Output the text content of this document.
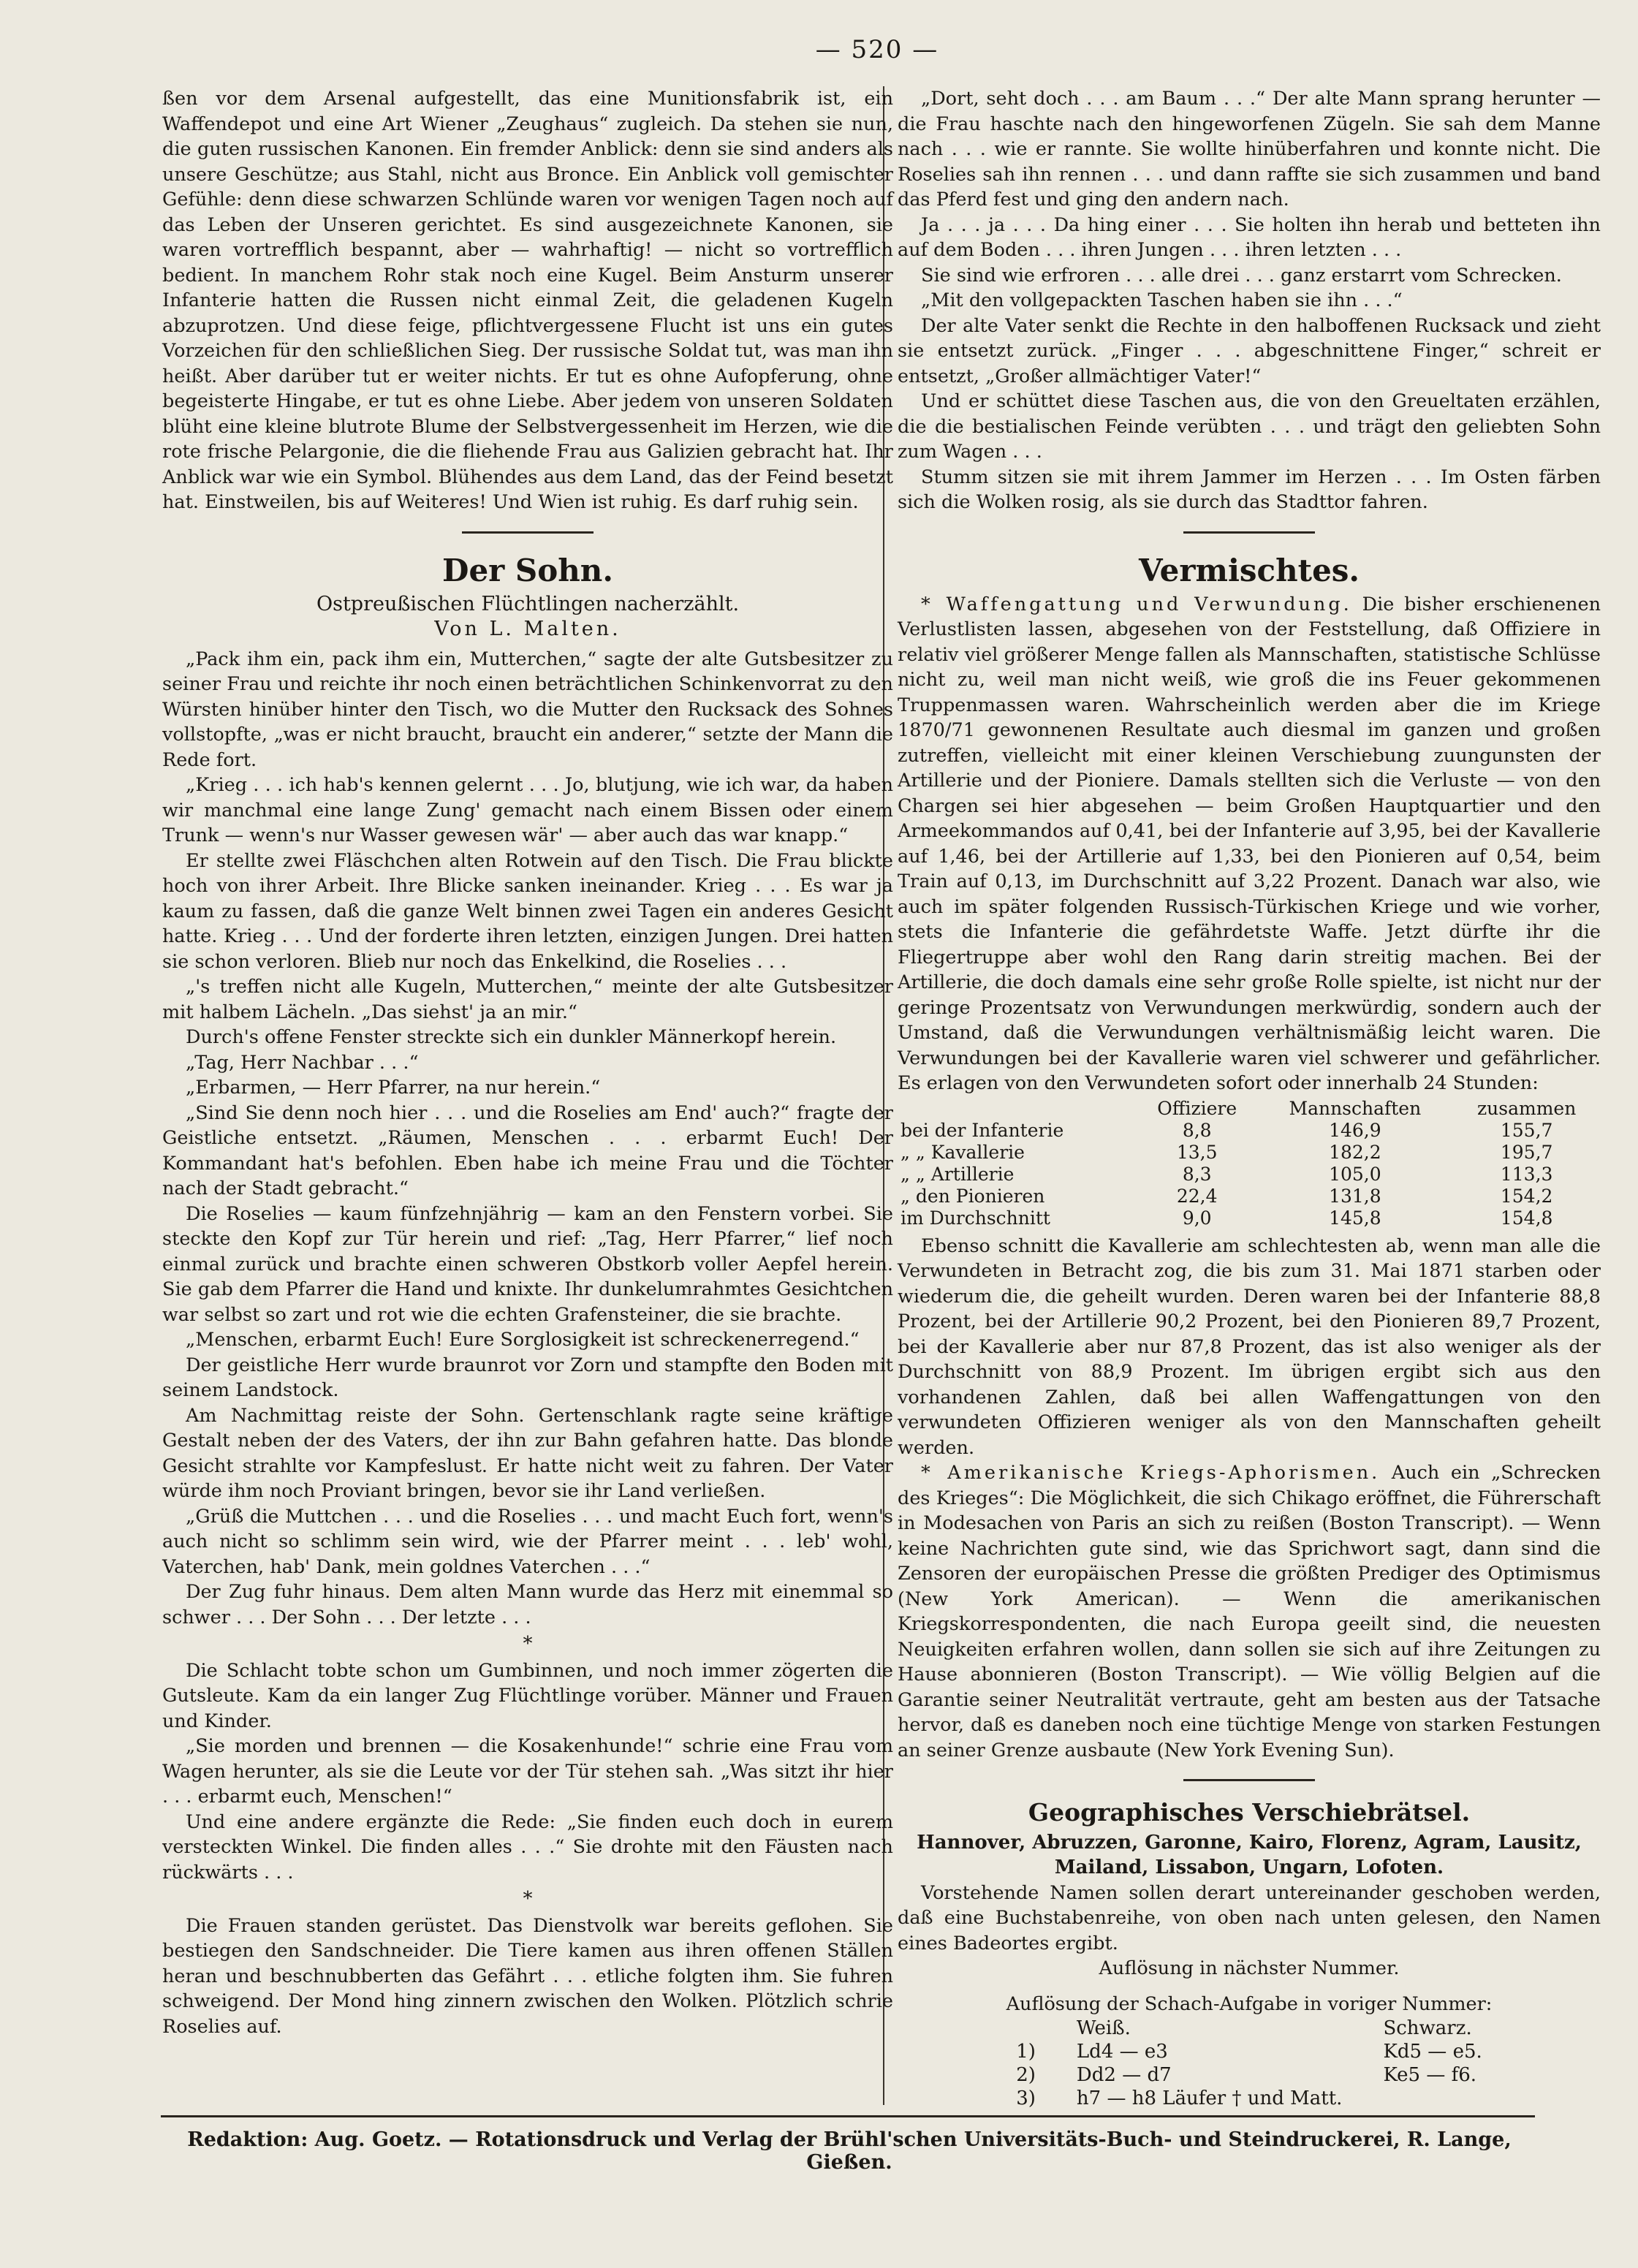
— 520 —

ßen vor dem Arsenal aufgestellt, das eine Munitionsfabrik ist, ein Waffendepot und eine Art Wiener „Zeughaus“ zugleich. Da stehen sie nun, die guten russischen Kanonen. Ein fremder Anblick: denn sie sind anders als unsere Geschütze; aus Stahl, nicht aus Bronce. Ein Anblick voll gemischter Gefühle: denn diese schwarzen Schlünde waren vor wenigen Tagen noch auf das Leben der Unseren gerichtet. Es sind ausgezeichnete Kanonen, sie waren vortrefflich bespannt, aber — wahrhaftig! — nicht so vortrefflich bedient. In manchem Rohr stak noch eine Kugel. Beim Ansturm unserer Infanterie hatten die Russen nicht einmal Zeit, die geladenen Kugeln abzuprotzen. Und diese feige, pflichtvergessene Flucht ist uns ein gutes Vorzeichen für den schließlichen Sieg. Der russische Soldat tut, was man ihn heißt. Aber darüber tut er weiter nichts. Er tut es ohne Aufopferung, ohne begeisterte Hingabe, er tut es ohne Liebe. Aber jedem von unseren Soldaten blüht eine kleine blutrote Blume der Selbstvergessenheit im Herzen, wie die rote frische Pelargonie, die die fliehende Frau aus Galizien gebracht hat. Ihr Anblick war wie ein Symbol. Blühendes aus dem Land, das der Feind besetzt hat. Einstweilen, bis auf Weiteres! Und Wien ist ruhig. Es darf ruhig sein.

Der Sohn.
Ostpreußischen Flüchtlingen nacherzählt.
Von L. Malten.

„Pack ihm ein, pack ihm ein, Mutterchen,“ sagte der alte Gutsbesitzer zu seiner Frau und reichte ihr noch einen beträchtlichen Schinkenvorrat zu den Würsten hinüber hinter den Tisch, wo die Mutter den Rucksack des Sohnes vollstopfte, „was er nicht braucht, braucht ein anderer,“ setzte der Mann die Rede fort.

„Krieg . . . ich hab's kennen gelernt . . . Jo, blutjung, wie ich war, da haben wir manchmal eine lange Zung' gemacht nach einem Bissen oder einem Trunk — wenn's nur Wasser gewesen wär' — aber auch das war knapp.“

Er stellte zwei Fläschchen alten Rotwein auf den Tisch. Die Frau blickte hoch von ihrer Arbeit. Ihre Blicke sanken ineinander. Krieg . . . Es war ja kaum zu fassen, daß die ganze Welt binnen zwei Tagen ein anderes Gesicht hatte. Krieg . . . Und der forderte ihren letzten, einzigen Jungen. Drei hatten sie schon verloren. Blieb nur noch das Enkelkind, die Roselies . . .

„'s treffen nicht alle Kugeln, Mutterchen,“ meinte der alte Gutsbesitzer mit halbem Lächeln. „Das siehst' ja an mir.“

Durch's offene Fenster streckte sich ein dunkler Männerkopf herein.

„Tag, Herr Nachbar . . .“

„Erbarmen, — Herr Pfarrer, na nur herein.“

„Sind Sie denn noch hier . . . und die Roselies am End' auch?“ fragte der Geistliche entsetzt. „Räumen, Menschen . . . erbarmt Euch! Der Kommandant hat's befohlen. Eben habe ich meine Frau und die Töchter nach der Stadt gebracht.“

Die Roselies — kaum fünfzehnjährig — kam an den Fenstern vorbei. Sie steckte den Kopf zur Tür herein und rief: „Tag, Herr Pfarrer,“ lief noch einmal zurück und brachte einen schweren Obstkorb voller Aepfel herein. Sie gab dem Pfarrer die Hand und knixte. Ihr dunkelumrahmtes Gesichtchen war selbst so zart und rot wie die echten Grafensteiner, die sie brachte.

„Menschen, erbarmt Euch! Eure Sorglosigkeit ist schreckenerregend.“

Der geistliche Herr wurde braunrot vor Zorn und stampfte den Boden mit seinem Landstock.

Am Nachmittag reiste der Sohn. Gertenschlank ragte seine kräftige Gestalt neben der des Vaters, der ihn zur Bahn gefahren hatte. Das blonde Gesicht strahlte vor Kampfeslust. Er hatte nicht weit zu fahren. Der Vater würde ihm noch Proviant bringen, bevor sie ihr Land verließen.

„Grüß die Muttchen . . . und die Roselies . . . und macht Euch fort, wenn's auch nicht so schlimm sein wird, wie der Pfarrer meint . . . leb' wohl, Vaterchen, hab' Dank, mein goldnes Vaterchen . . .“

Der Zug fuhr hinaus. Dem alten Mann wurde das Herz mit einemmal so schwer . . . Der Sohn . . . Der letzte . . .

*

Die Schlacht tobte schon um Gumbinnen, und noch immer zögerten die Gutsleute. Kam da ein langer Zug Flüchtlinge vorüber. Männer und Frauen und Kinder.

„Sie morden und brennen — die Kosakenhunde!“ schrie eine Frau vom Wagen herunter, als sie die Leute vor der Tür stehen sah. „Was sitzt ihr hier . . . erbarmt euch, Menschen!“

Und eine andere ergänzte die Rede: „Sie finden euch doch in eurem versteckten Winkel. Die finden alles . . .“ Sie drohte mit den Fäusten nach rückwärts . . .

*

Die Frauen standen gerüstet. Das Dienstvolk war bereits geflohen. Sie bestiegen den Sandschneider. Die Tiere kamen aus ihren offenen Ställen heran und beschnubberten das Gefährt . . . etliche folgten ihm. Sie fuhren schweigend. Der Mond hing zinnern zwischen den Wolken. Plötzlich schrie Roselies auf.

„Dort, seht doch . . . am Baum . . .“ Der alte Mann sprang herunter — die Frau haschte nach den hingeworfenen Zügeln. Sie sah dem Manne nach . . . wie er rannte. Sie wollte hinüberfahren und konnte nicht. Die Roselies sah ihn rennen . . . und dann raffte sie sich zusammen und band das Pferd fest und ging den andern nach.

Ja . . . ja . . . Da hing einer . . . Sie holten ihn herab und betteten ihn auf dem Boden . . . ihren Jungen . . . ihren letzten . . .

Sie sind wie erfroren . . . alle drei . . . ganz erstarrt vom Schrecken.

„Mit den vollgepackten Taschen haben sie ihn . . .“

Der alte Vater senkt die Rechte in den halboffenen Rucksack und zieht sie entsetzt zurück. „Finger . . . abgeschnittene Finger,“ schreit er entsetzt, „Großer allmächtiger Vater!“

Und er schüttet diese Taschen aus, die von den Greueltaten erzählen, die die bestialischen Feinde verübten . . . und trägt den geliebten Sohn zum Wagen . . .

Stumm sitzen sie mit ihrem Jammer im Herzen . . . Im Osten färben sich die Wolken rosig, als sie durch das Stadttor fahren.

Vermischtes.

* Waffengattung und Verwundung. Die bisher erschienenen Verlustlisten lassen, abgesehen von der Feststellung, daß Offiziere in relativ viel größerer Menge fallen als Mannschaften, statistische Schlüsse nicht zu, weil man nicht weiß, wie groß die ins Feuer gekommenen Truppenmassen waren. Wahrscheinlich werden aber die im Kriege 1870/71 gewonnenen Resultate auch diesmal im ganzen und großen zutreffen, vielleicht mit einer kleinen Verschiebung zuungunsten der Artillerie und der Pioniere. Damals stellten sich die Verluste — von den Chargen sei hier abgesehen — beim Großen Hauptquartier und den Armeekommandos auf 0,41, bei der Infanterie auf 3,95, bei der Kavallerie auf 1,46, bei der Artillerie auf 1,33, bei den Pionieren auf 0,54, beim Train auf 0,13, im Durchschnitt auf 3,22 Prozent. Danach war also, wie auch im später folgenden Russisch-Türkischen Kriege und wie vorher, stets die Infanterie die gefährdetste Waffe. Jetzt dürfte ihr die Fliegertruppe aber wohl den Rang darin streitig machen. Bei der Artillerie, die doch damals eine sehr große Rolle spielte, ist nicht nur der geringe Prozentsatz von Verwundungen merkwürdig, sondern auch der Umstand, daß die Verwundungen verhältnismäßig leicht waren. Die Verwundungen bei der Kavallerie waren viel schwerer und gefährlicher. Es erlagen von den Verwundeten sofort oder innerhalb 24 Stunden:

	Offiziere	Mannschaften	zusammen
bei der Infanterie	8,8	146,9	155,7
„ „ Kavallerie	13,5	182,2	195,7
„ „ Artillerie	8,3	105,0	113,3
„ den Pionieren	22,4	131,8	154,2
im Durchschnitt	9,0	145,8	154,8

Ebenso schnitt die Kavallerie am schlechtesten ab, wenn man alle die Verwundeten in Betracht zog, die bis zum 31. Mai 1871 starben oder wiederum die, die geheilt wurden. Deren waren bei der Infanterie 88,8 Prozent, bei der Artillerie 90,2 Prozent, bei den Pionieren 89,7 Prozent, bei der Kavallerie aber nur 87,8 Prozent, das ist also weniger als der Durchschnitt von 88,9 Prozent. Im übrigen ergibt sich aus den vorhandenen Zahlen, daß bei allen Waffengattungen von den verwundeten Offizieren weniger als von den Mannschaften geheilt werden.

* Amerikanische Kriegs-Aphorismen. Auch ein „Schrecken des Krieges“: Die Möglichkeit, die sich Chikago eröffnet, die Führerschaft in Modesachen von Paris an sich zu reißen (Boston Transcript). — Wenn keine Nachrichten gute sind, wie das Sprichwort sagt, dann sind die Zensoren der europäischen Presse die größten Prediger des Optimismus (New York American). — Wenn die amerikanischen Kriegskorrespondenten, die nach Europa geeilt sind, die neuesten Neuigkeiten erfahren wollen, dann sollen sie sich auf ihre Zeitungen zu Hause abonnieren (Boston Transcript). — Wie völlig Belgien auf die Garantie seiner Neutralität vertraute, geht am besten aus der Tatsache hervor, daß es daneben noch eine tüchtige Menge von starken Festungen an seiner Grenze ausbaute (New York Evening Sun).

Geographisches Verschiebrätsel.
Hannover, Abruzzen, Garonne, Kairo, Florenz, Agram, Lausitz, Mailand, Lissabon, Ungarn, Lofoten.

Vorstehende Namen sollen derart untereinander geschoben werden, daß eine Buchstabenreihe, von oben nach unten gelesen, den Namen eines Badeortes ergibt.

Auflösung in nächster Nummer.
Auflösung der Schach-Aufgabe in voriger Nummer:
	Weiß.	Schwarz.
1)	Ld4 — e3	Kd5 — e5.
2)	Dd2 — d7	Ke5 — f6.
3)	h7 — h8 Läufer † und Matt.	
Redaktion: Aug. Goetz. — Rotationsdruck und Verlag der Brühl'schen Universitäts-Buch- und Steindruckerei, R. Lange, Gießen.
